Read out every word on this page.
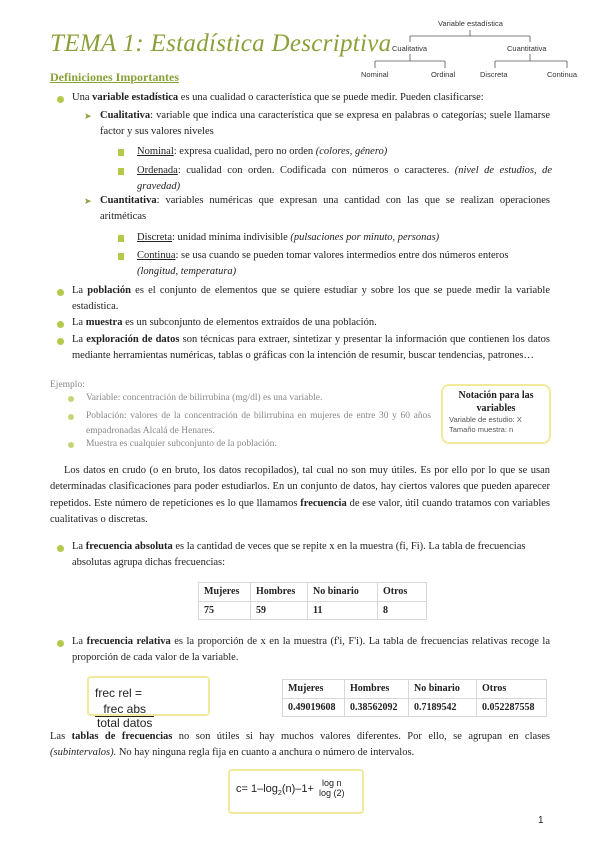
TEMA 1: Estadística Descriptiva
Definiciones Importantes
Variable estadística
Cualitativa	Cuantitativa
Nominal	Ordinal	Discreta	Continua
Una variable estadística es una cualidad o característica que se puede medir. Pueden clasificarse:
➤ Cualitativa: variable que indica una característica que se expresa en palabras o categorías; suele llamarse factor y sus valores niveles
Nominal: expresa cualidad, pero no orden (colores, género)
Ordenada: cualidad con orden. Codificada con números o caracteres. (nivel de estudios, de gravedad)
➤ Cuantitativa: variables numéricas que expresan una cantidad con las que se realizan operaciones aritméticas
Discreta: unidad mínima indivisible (pulsaciones por minuto, personas)
Continua: se usa cuando se pueden tomar valores intermedios entre dos números enteros (longitud, temperatura)
La población es el conjunto de elementos que se quiere estudiar y sobre los que se puede medir la variable estadística.
La muestra es un subconjunto de elementos extraídos de una población.
La exploración de datos son técnicas para extraer, sintetizar y presentar la información que contienen los datos mediante herramientas numéricas, tablas o gráficas con la intención de resumir, buscar tendencias, patrones…
Ejemplo:
Variable: concentración de bilirrubina (mg/dl) es una variable.
Población: valores de la concentración de bilirrubina en mujeres de entre 30 y 60 años empadronadas Alcalá de Henares.
Muestra es cualquier subconjunto de la población.
Notación para las variables
Variable de estudio: X
Tamaño muestra: n
Los datos en crudo (o en bruto, los datos recopilados), tal cual no son muy útiles. Es por ello por lo que se usan determinadas clasificaciones para poder estudiarlos. En un conjunto de datos, hay ciertos valores que pueden aparecer repetidos. Este número de repeticiones es lo que llamamos frecuencia de ese valor, útil cuando tratamos con variables cualitativas o discretas.
La frecuencia absoluta es la cantidad de veces que se repite x en la muestra (fi, Fi). La tabla de frecuencias absolutas agrupa dichas frecuencias:
Mujeres	Hombres	No binario	Otros
75	59	11	8
La frecuencia relativa es la proporción de x en la muestra (f'i, F'i). La tabla de frecuencias relativas recoge la proporción de cada valor de la variable.
frec rel =
$\frac{\text{frec abs}}{\text{total datos}}$
Mujeres	Hombres	No binario	Otros
0.49019608	0.38562092	0.7189542	0.052287558
Las tablas de frecuencias no son útiles si hay muchos valores diferentes. Por ello, se agrupan en clases (subintervalos). No hay ninguna regla fija en cuanto a anchura o número de intervalos.
$c= 1-\log_2(n)-1+ \log n$
log (2)
1
